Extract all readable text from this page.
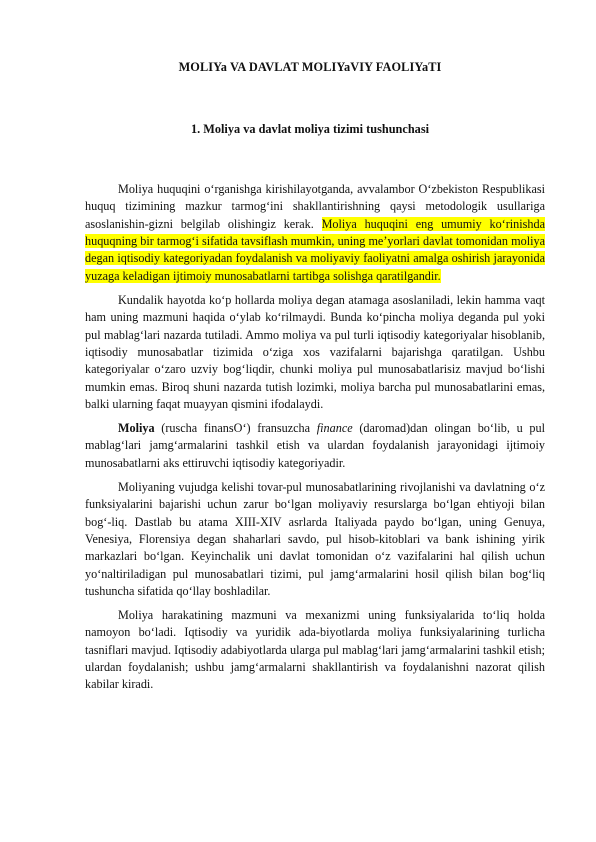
MOLIYa VA DAVLAT MOLIYaVIY FAOLIYaTI
1. Moliya va davlat moliya tizimi tushunchasi

Moliya huquqini o‘rganishga kirishilayotganda, avvalambor O‘zbekiston Respublikasi huquq tizimining mazkur tarmog‘ini shakllantirishning qaysi metodologik usullariga asoslanishin-gizni belgilab olishingiz kerak. Moliya huquqini eng umumiy ko‘rinishda huquqning bir tarmog‘i sifatida tavsiflash mumkin, uning me’yorlari davlat tomonidan moliya degan iqtisodiy kategoriyadan foydalanish va moliyaviy faoliyatni amalga oshirish jarayonida yuzaga keladigan ijtimoiy munosabatlarni tartibga solishga qaratilgandir.

Kundalik hayotda ko‘p hollarda moliya degan atamaga asoslaniladi, lekin hamma vaqt ham uning mazmuni haqida o‘ylab ko‘rilmaydi. Bunda ko‘pincha moliya deganda pul yoki pul mablag‘lari nazarda tutiladi. Ammo moliya va pul turli iqtisodiy kategoriyalar hisoblanib, iqtisodiy munosabatlar tizimida o‘ziga xos vazifalarni bajarishga qaratilgan. Ushbu kategoriyalar o‘zaro uzviy bog‘liqdir, chunki moliya pul munosabatlarisiz mavjud bo‘lishi mumkin emas. Biroq shuni nazarda tutish lozimki, moliya barcha pul munosabatlarini emas, balki ularning faqat muayyan qismini ifodalaydi.

Moliya (ruscha finansO‘) fransuzcha finance (daromad)dan olingan bo‘lib, u pul mablag‘lari jamg‘armalarini tashkil etish va ulardan foydalanish jarayonidagi ijtimoiy munosabatlarni aks ettiruvchi iqtisodiy kategoriyadir.

Moliyaning vujudga kelishi tovar-pul munosabatlarining rivojlanishi va davlatning o‘z funksiyalarini bajarishi uchun zarur bo‘lgan moliyaviy resurslarga bo‘lgan ehtiyoji bilan bog‘-liq. Dastlab bu atama XIII-XIV asrlarda Italiyada paydo bo‘lgan, uning Genuya, Venesiya, Florensiya degan shaharlari savdo, pul hisob-kitoblari va bank ishining yirik markazlari bo‘lgan. Keyinchalik uni davlat tomonidan o‘z vazifalarini hal qilish uchun yo‘naltiriladigan pul munosabatlari tizimi, pul jamg‘armalarini hosil qilish bilan bog‘liq tushuncha sifatida qo‘llay boshladilar.

Moliya harakatining mazmuni va mexanizmi uning funksiyalarida to‘liq holda namoyon bo‘ladi. Iqtisodiy va yuridik ada-biyotlarda moliya funksiyalarining turlicha tasniflari mavjud. Iqtisodiy adabiyotlarda ularga pul mablag‘lari jamg‘armalarini tashkil etish; ulardan foydalanish; ushbu jamg‘armalarni shakllantirish va foydalanishni nazorat qilish kabilar kiradi.
